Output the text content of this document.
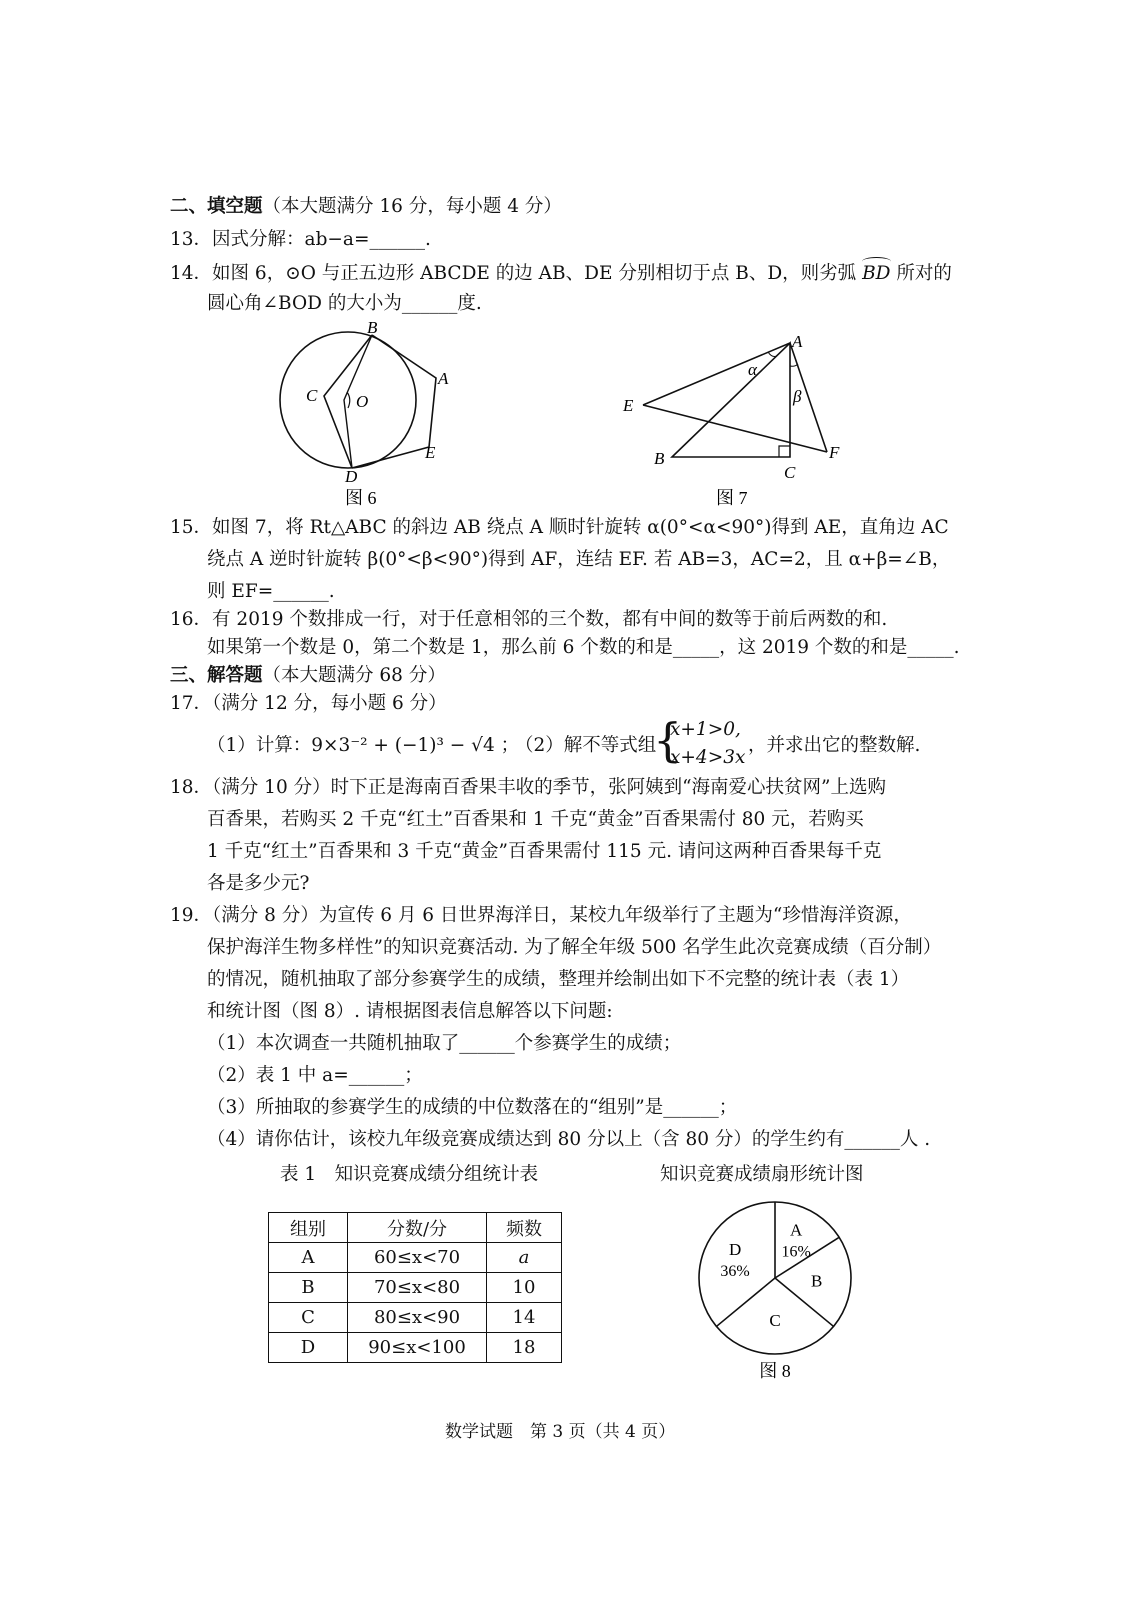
二、填空题（本大题满分 16 分，每小题 4 分）
13．因式分解：ab−a=______.
14．如图 6，⊙O 与正五边形 ABCDE 的边 AB、DE 分别相切于点 B、D，则劣弧 BD 所对的
圆心角∠BOD 的大小为______度.
B
A
C O
E
D
图 6
A
E
B
C
F
α
β
图 7
15．如图 7，将 Rt△ABC 的斜边 AB 绕点 A 顺时针旋转 α(0°<α<90°)得到 AE，直角边 AC
绕点 A 逆时针旋转 β(0°<β<90°)得到 AF，连结 EF. 若 AB=3，AC=2，且 α+β=∠B，
则 EF=______.
16．有 2019 个数排成一行，对于任意相邻的三个数，都有中间的数等于前后两数的和.
如果第一个数是 0，第二个数是 1，那么前 6 个数的和是_____，这 2019 个数的和是_____.
三、解答题（本大题满分 68 分）
17．（满分 12 分，每小题 6 分）
（1）计算：9×3⁻² + (−1)³ − √4 ；
（2）解不等式组
{
x+1>0,
x+4>3x
，并求出它的整数解.
18．（满分 10 分）时下正是海南百香果丰收的季节，张阿姨到“海南爱心扶贫网”上选购
百香果，若购买 2 千克“红土”百香果和 1 千克“黄金”百香果需付 80 元，若购买
1 千克“红土”百香果和 3 千克“黄金”百香果需付 115 元. 请问这两种百香果每千克
各是多少元?
19．（满分 8 分）为宣传 6 月 6 日世界海洋日，某校九年级举行了主题为“珍惜海洋资源，
保护海洋生物多样性”的知识竞赛活动. 为了解全年级 500 名学生此次竞赛成绩（百分制）
的情况，随机抽取了部分参赛学生的成绩，整理并绘制出如下不完整的统计表（表 1）
和统计图（图 8）. 请根据图表信息解答以下问题:
（1）本次调查一共随机抽取了______个参赛学生的成绩；
（2）表 1 中 a=______；
（3）所抽取的参赛学生的成绩的中位数落在的“组别”是______；
（4）请你估计，该校九年级竞赛成绩达到 80 分以上（含 80 分）的学生约有______人 .
表 1　知识竞赛成绩分组统计表
组别	分数/分	频数
A	60≤x<70	a
B	70≤x<80	10
C	80≤x<90	14
D	90≤x<100	18
知识竞赛成绩扇形统计图
图 8
A
16%
B
C
D
36%
数学试题　第 3 页（共 4 页）
